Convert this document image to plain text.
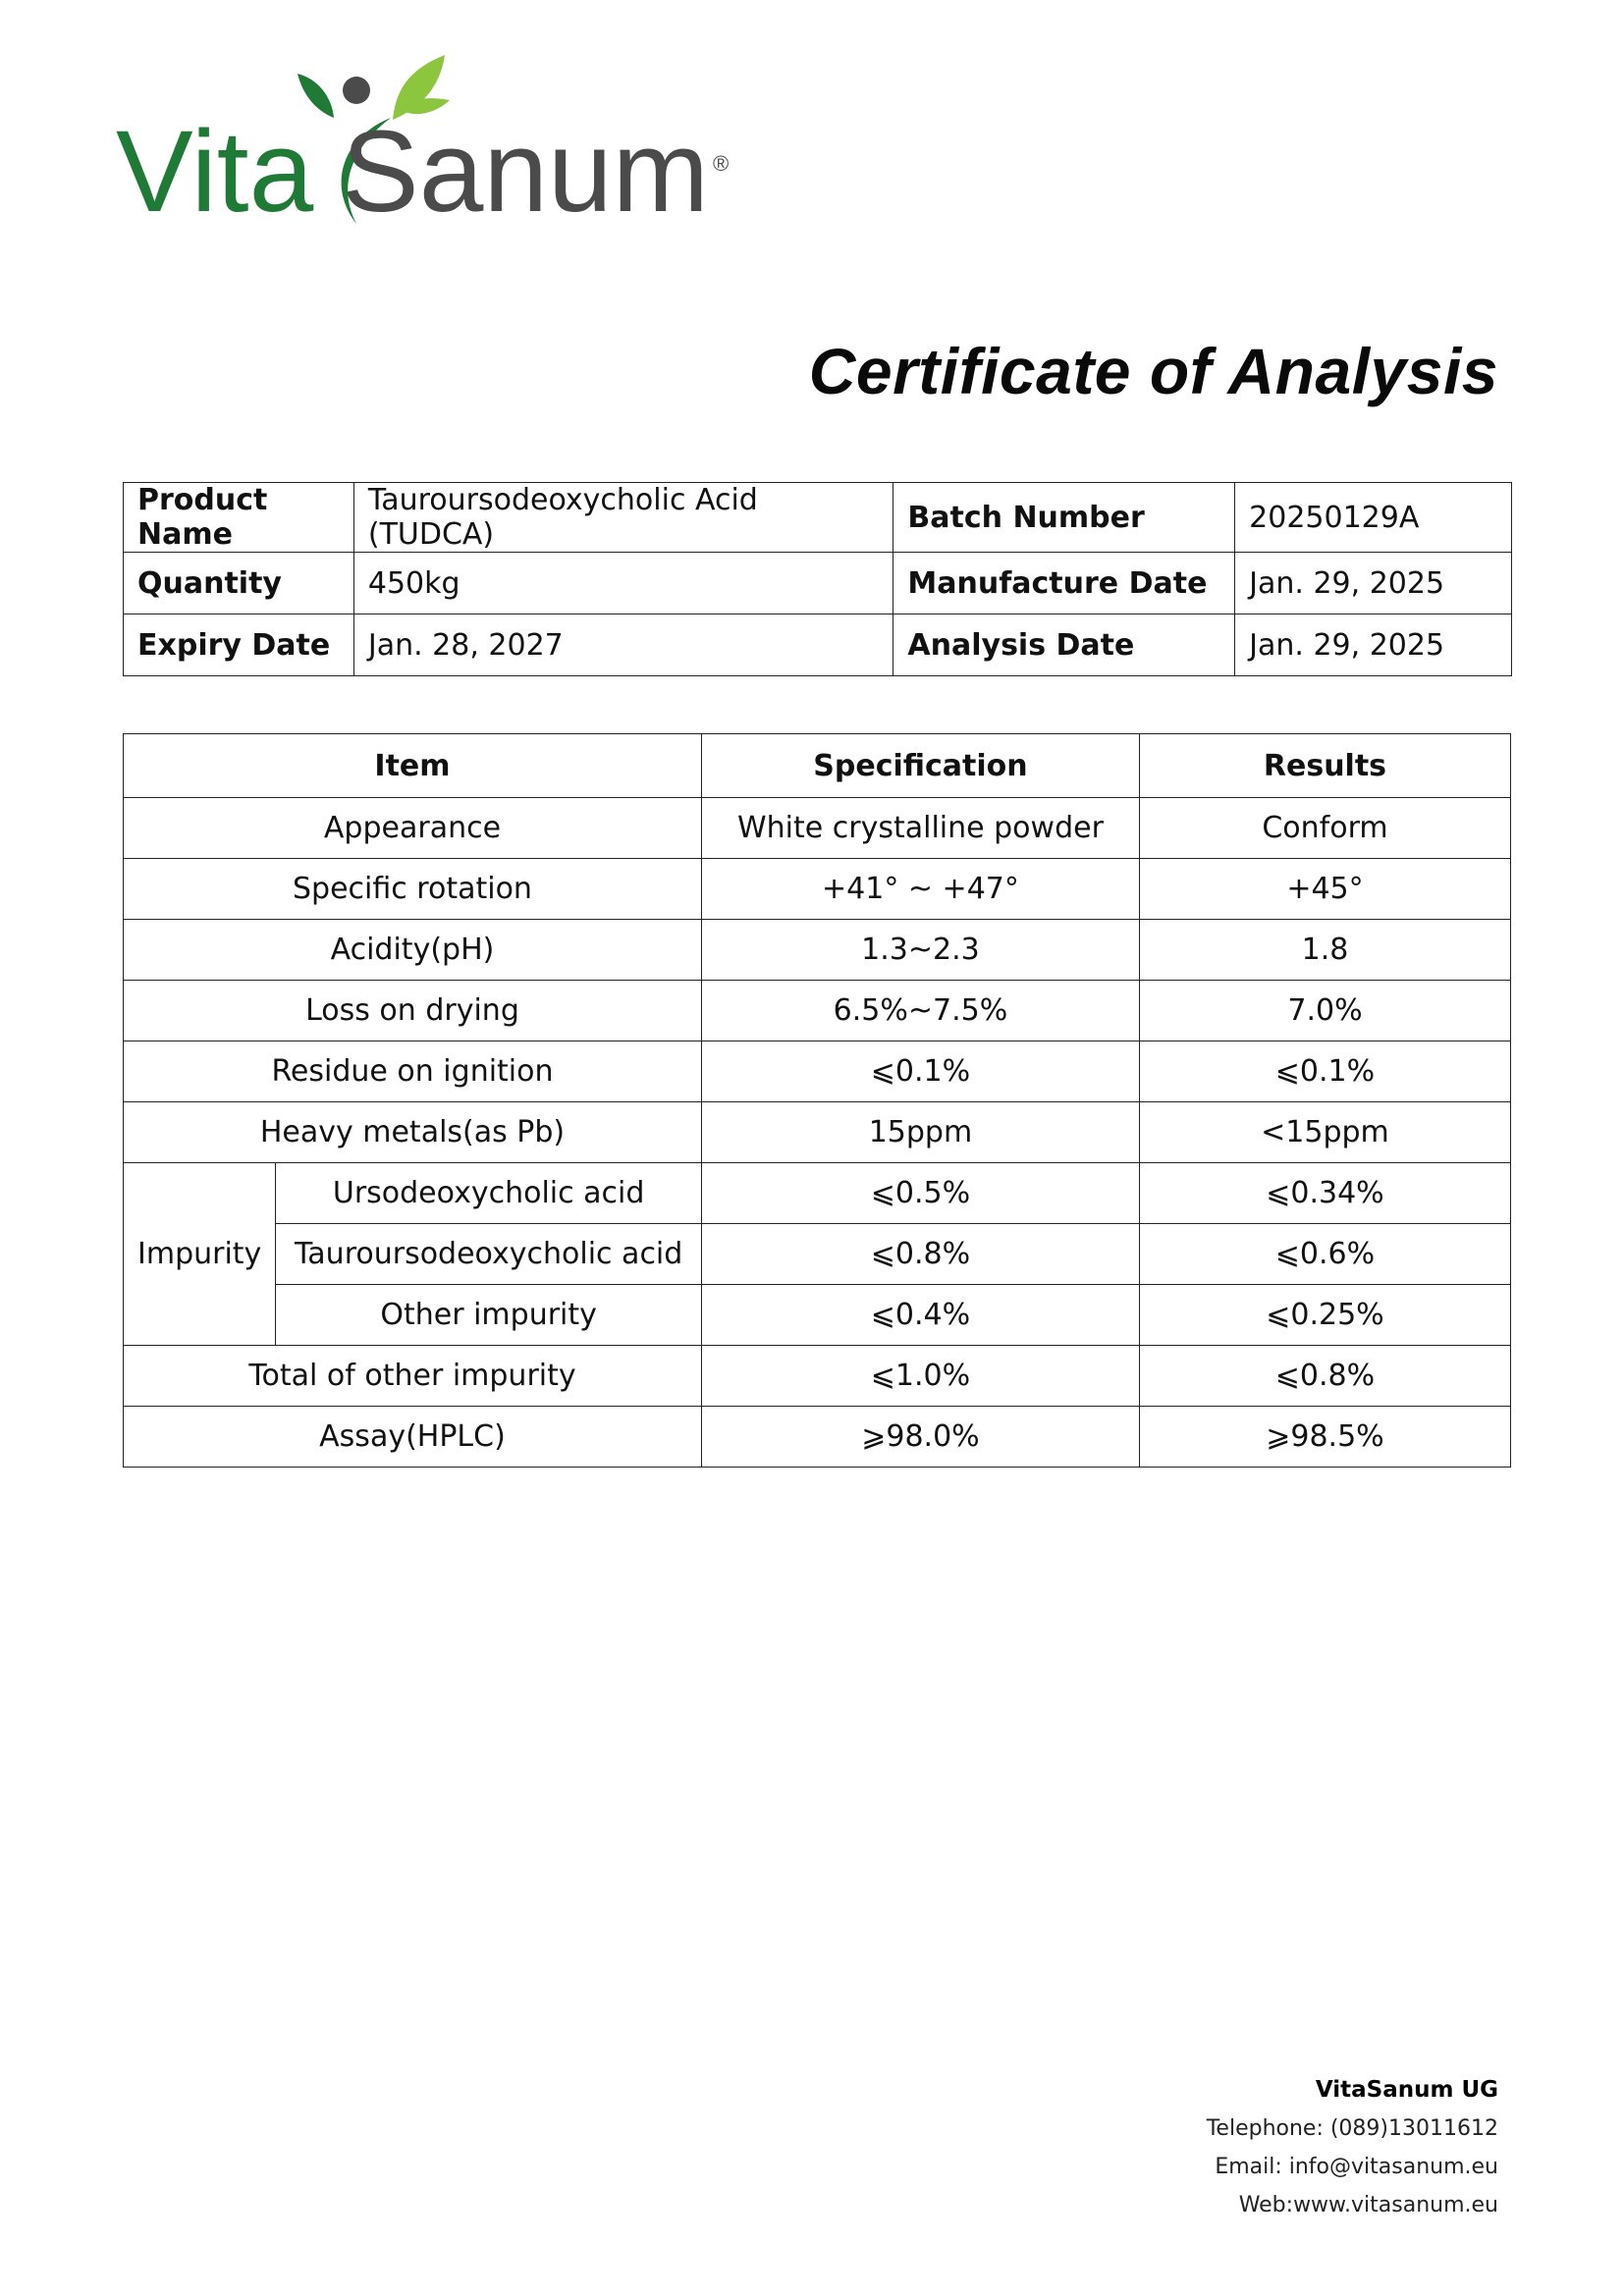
Vita Sanum ®
Certificate of Analysis
Product Name	Tauroursodeoxycholic Acid (TUDCA)	Batch Number	20250129A
Quantity	450kg	Manufacture Date	Jan. 29, 2025
Expiry Date	Jan. 28, 2027	Analysis Date	Jan. 29, 2025
Item		Specification	Results
Appearance		White crystalline powder	Conform
Specific rotation		+41° ~ +47°	+45°
Acidity(pH)		1.3~2.3	1.8
Loss on drying		6.5%~7.5%	7.0%
Residue on ignition		⩽0.1%	⩽0.1%
Heavy metals(as Pb)		15ppm	<15ppm
Impurity	Ursodeoxycholic acid	⩽0.5%	⩽0.34%
	Tauroursodeoxycholic acid	⩽0.8%	⩽0.6%
	Other impurity	⩽0.4%	⩽0.25%
Total of other impurity		⩽1.0%	⩽0.8%
Assay(HPLC)		⩾98.0%	⩾98.5%
VitaSanum UG
Telephone: (089)13011612
Email: info@vitasanum.eu
Web:www.vitasanum.eu
